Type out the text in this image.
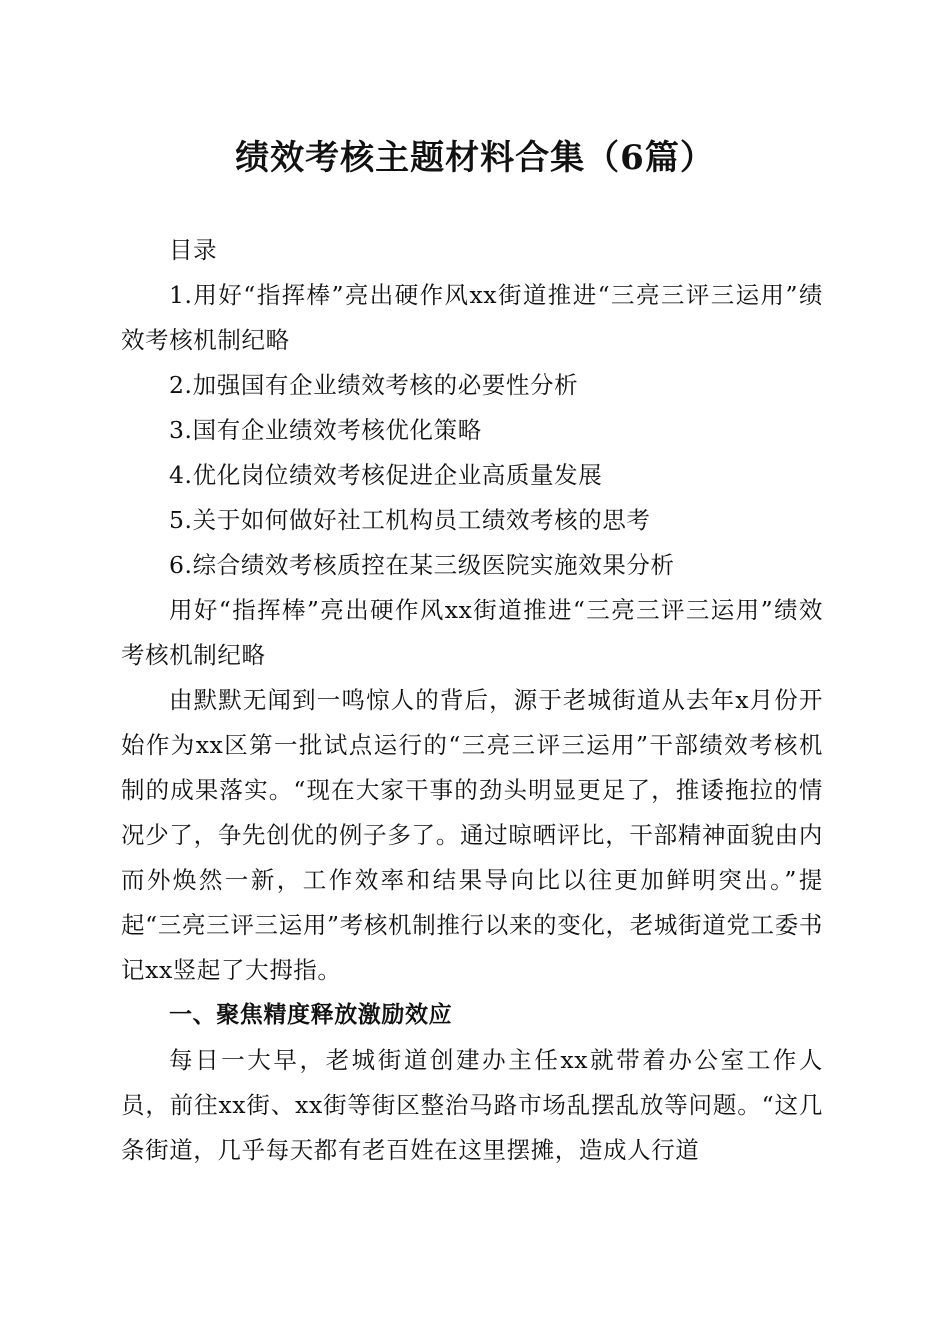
绩效考核主题材料合集（6篇）

目录

1.用好“指挥棒”亮出硬作风xx街道推进“三亮三评三运用”绩效考核机制纪略

2.加强国有企业绩效考核的必要性分析

3.国有企业绩效考核优化策略

4.优化岗位绩效考核促进企业高质量发展

5.关于如何做好社工机构员工绩效考核的思考

6.综合绩效考核质控在某三级医院实施效果分析

用好“指挥棒”亮出硬作风xx街道推进“三亮三评三运用”绩效考核机制纪略

由默默无闻到一鸣惊人的背后，源于老城街道从去年x月份开始作为xx区第一批试点运行的“三亮三评三运用”干部绩效考核机制的成果落实。“现在大家干事的劲头明显更足了，推诿拖拉的情况少了，争先创优的例子多了。通过晾晒评比，干部精神面貌由内而外焕然一新，工作效率和结果导向比以往更加鲜明突出。”提起“三亮三评三运用”考核机制推行以来的变化，老城街道党工委书记xx竖起了大拇指。

一、聚焦精度释放激励效应

每日一大早，老城街道创建办主任xx就带着办公室工作人员，前往xx街、xx街等街区整治马路市场乱摆乱放等问题。“这几条街道，几乎每天都有老百姓在这里摆摊，造成人行道
